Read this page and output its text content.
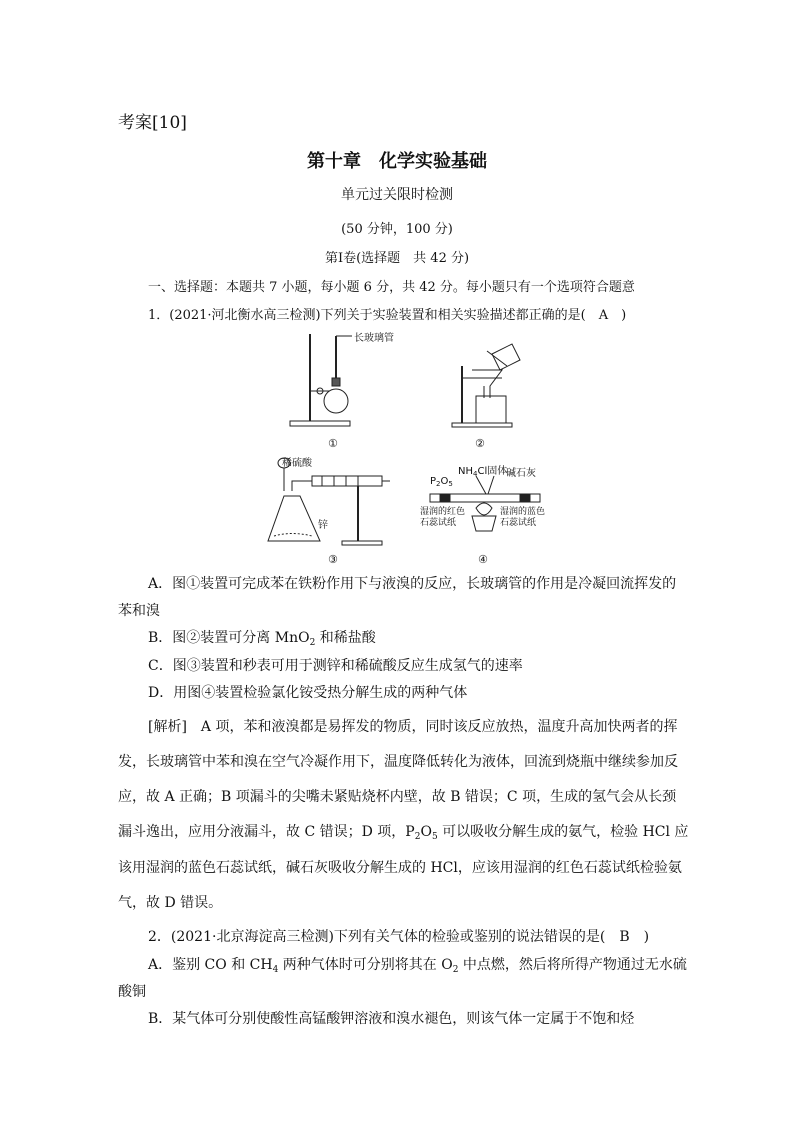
考案[10]
第十章　化学实验基础
单元过关限时检测
(50 分钟，100 分)
第Ⅰ卷(选择题　共 42 分)
一、选择题：本题共 7 小题，每小题 6 分，共 42 分。每小题只有一个选项符合题意
1．(2021·河北衡水高三检测)下列关于实验装置和相关实验描述都正确的是(　A　)
长玻璃管
①	②
稀硫酸
锌
③
$P_2O_5$
$NH_4Cl$固体
碱石灰
湿润的红色
石蕊试纸
湿润的蓝色
石蕊试纸
④
A．图①装置可完成苯在铁粉作用下与液溴的反应，长玻璃管的作用是冷凝回流挥发的
苯和溴
B．图②装置可分离 MnO$_2$ 和稀盐酸
C．图③装置和秒表可用于测锌和稀硫酸反应生成氢气的速率
D．用图④装置检验氯化铵受热分解生成的两种气体
[解析]　A 项，苯和液溴都是易挥发的物质，同时该反应放热，温度升高加快两者的挥
发，长玻璃管中苯和溴在空气冷凝作用下，温度降低转化为液体，回流到烧瓶中继续参加反
应，故 A 正确；B 项漏斗的尖嘴未紧贴烧杯内壁，故 B 错误；C 项，生成的氢气会从长颈
漏斗逸出，应用分液漏斗，故 C 错误；D 项，$P_2O_5$ 可以吸收分解生成的氨气，检验 HCl 应
该用湿润的蓝色石蕊试纸，碱石灰吸收分解生成的 HCl，应该用湿润的红色石蕊试纸检验氨
气，故 D 错误。
2．(2021·北京海淀高三检测)下列有关气体的检验或鉴别的说法错误的是(　B　)
A．鉴别 CO 和 $CH_4$ 两种气体时可分别将其在 $O_2$ 中点燃，然后将所得产物通过无水硫
酸铜
B．某气体可分别使酸性高锰酸钾溶液和溴水褪色，则该气体一定属于不饱和烃
